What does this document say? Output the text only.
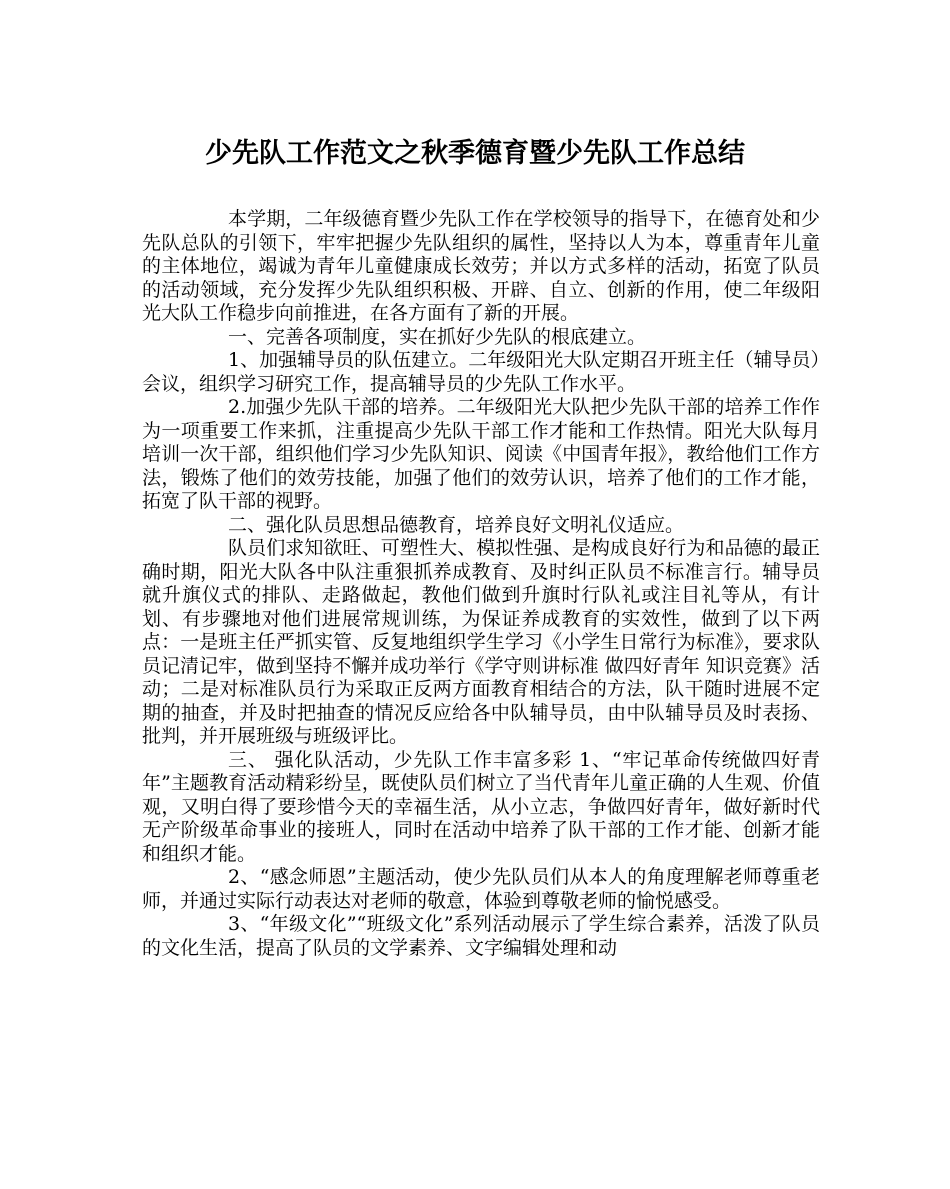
少先队工作范文之秋季德育暨少先队工作总结

本学期，二年级德育暨少先队工作在学校领导的指导下，在德育处和少先队总队的引领下，牢牢把握少先队组织的属性，坚持以人为本，尊重青年儿童的主体地位，竭诚为青年儿童健康成长效劳；并以方式多样的活动，拓宽了队员的活动领域，充分发挥少先队组织积极、开辟、自立、创新的作用，使二年级阳光大队工作稳步向前推进，在各方面有了新的开展。

一、完善各项制度，实在抓好少先队的根底建立。

1、加强辅导员的队伍建立。二年级阳光大队定期召开班主任（辅导员）会议，组织学习研究工作，提高辅导员的少先队工作水平。

2.加强少先队干部的培养。二年级阳光大队把少先队干部的培养工作作为一项重要工作来抓，注重提高少先队干部工作才能和工作热情。阳光大队每月培训一次干部，组织他们学习少先队知识、阅读《中国青年报》，教给他们工作方法，锻炼了他们的效劳技能，加强了他们的效劳认识，培养了他们的工作才能，拓宽了队干部的视野。

二、强化队员思想品德教育，培养良好文明礼仪适应。

队员们求知欲旺、可塑性大、模拟性强、是构成良好行为和品德的最正确时期，阳光大队各中队注重狠抓养成教育、及时纠正队员不标准言行。辅导员就升旗仪式的排队、走路做起，教他们做到升旗时行队礼或注目礼等从，有计划、有步骤地对他们进展常规训练，为保证养成教育的实效性，做到了以下两点：一是班主任严抓实管、反复地组织学生学习《小学生日常行为标准》，要求队员记清记牢，做到坚持不懈并成功举行《学守则讲标准 做四好青年 知识竞赛》活动；二是对标准队员行为采取正反两方面教育相结合的方法，队干随时进展不定期的抽查，并及时把抽查的情况反应给各中队辅导员，由中队辅导员及时表扬、批判，并开展班级与班级评比。

三、 强化队活动，少先队工作丰富多彩 1、“牢记革命传统做四好青年”主题教育活动精彩纷呈，既使队员们树立了当代青年儿童正确的人生观、价值观，又明白得了要珍惜今天的幸福生活，从小立志，争做四好青年，做好新时代无产阶级革命事业的接班人，同时在活动中培养了队干部的工作才能、创新才能和组织才能。

2、“感念师恩”主题活动，使少先队员们从本人的角度理解老师尊重老师，并通过实际行动表达对老师的敬意，体验到尊敬老师的愉悦感受。

3、“年级文化”“班级文化”系列活动展示了学生综合素养，活泼了队员的文化生活，提高了队员的文学素养、文字编辑处理和动
